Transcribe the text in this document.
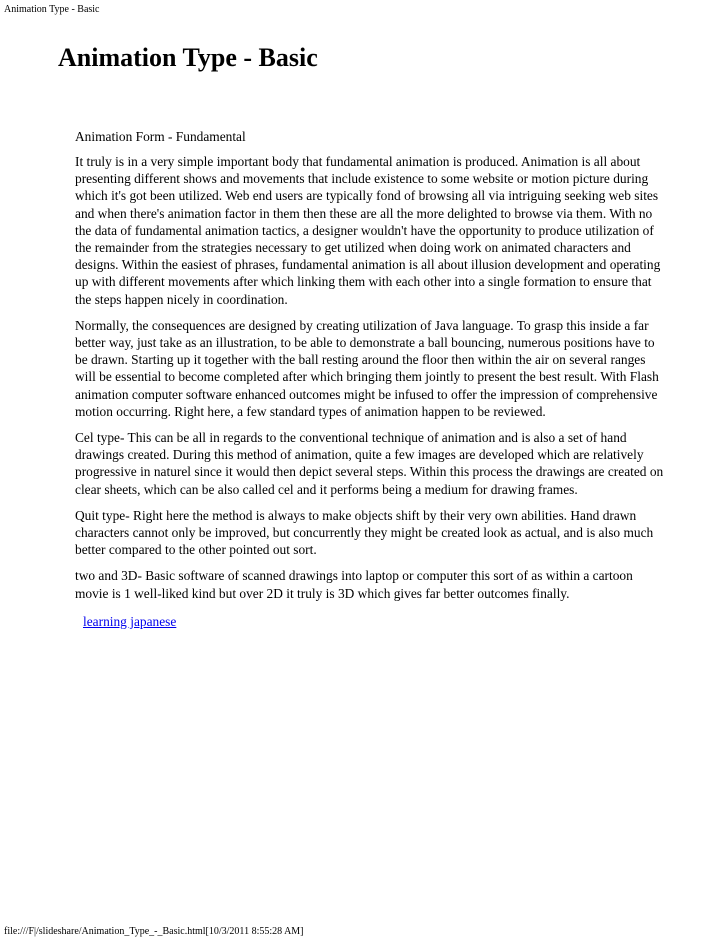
Animation Type - Basic
Animation Type - Basic
Animation Form - Fundamental

It truly is in a very simple important body that fundamental animation is produced. Animation is all about presenting different shows and movements that include existence to some website or motion picture during which it's got been utilized. Web end users are typically fond of browsing all via intriguing seeking web sites and when there's animation factor in them then these are all the more delighted to browse via them. With no the data of fundamental animation tactics, a designer wouldn't have the opportunity to produce utilization of the remainder from the strategies necessary to get utilized when doing work on animated characters and designs. Within the easiest of phrases, fundamental animation is all about illusion development and operating up with different movements after which linking them with each other into a single formation to ensure that the steps happen nicely in coordination.

Normally, the consequences are designed by creating utilization of Java language. To grasp this inside a far better way, just take as an illustration, to be able to demonstrate a ball bouncing, numerous positions have to be drawn. Starting up it together with the ball resting around the floor then within the air on several ranges will be essential to become completed after which bringing them jointly to present the best result. With Flash animation computer software enhanced outcomes might be infused to offer the impression of comprehensive motion occurring. Right here, a few standard types of animation happen to be reviewed.

Cel type- This can be all in regards to the conventional technique of animation and is also a set of hand drawings created. During this method of animation, quite a few images are developed which are relatively progressive in naturel since it would then depict several steps. Within this process the drawings are created on clear sheets, which can be also called cel and it performs being a medium for drawing frames.

Quit type- Right here the method is always to make objects shift by their very own abilities. Hand drawn characters cannot only be improved, but concurrently they might be created look as actual, and is also much better compared to the other pointed out sort.

two and 3D- Basic software of scanned drawings into laptop or computer this sort of as within a cartoon movie is 1 well-liked kind but over 2D it truly is 3D which gives far better outcomes finally.

learning japanese
file:///F|/slideshare/Animation_Type_-_Basic.html[10/3/2011 8:55:28 AM]
